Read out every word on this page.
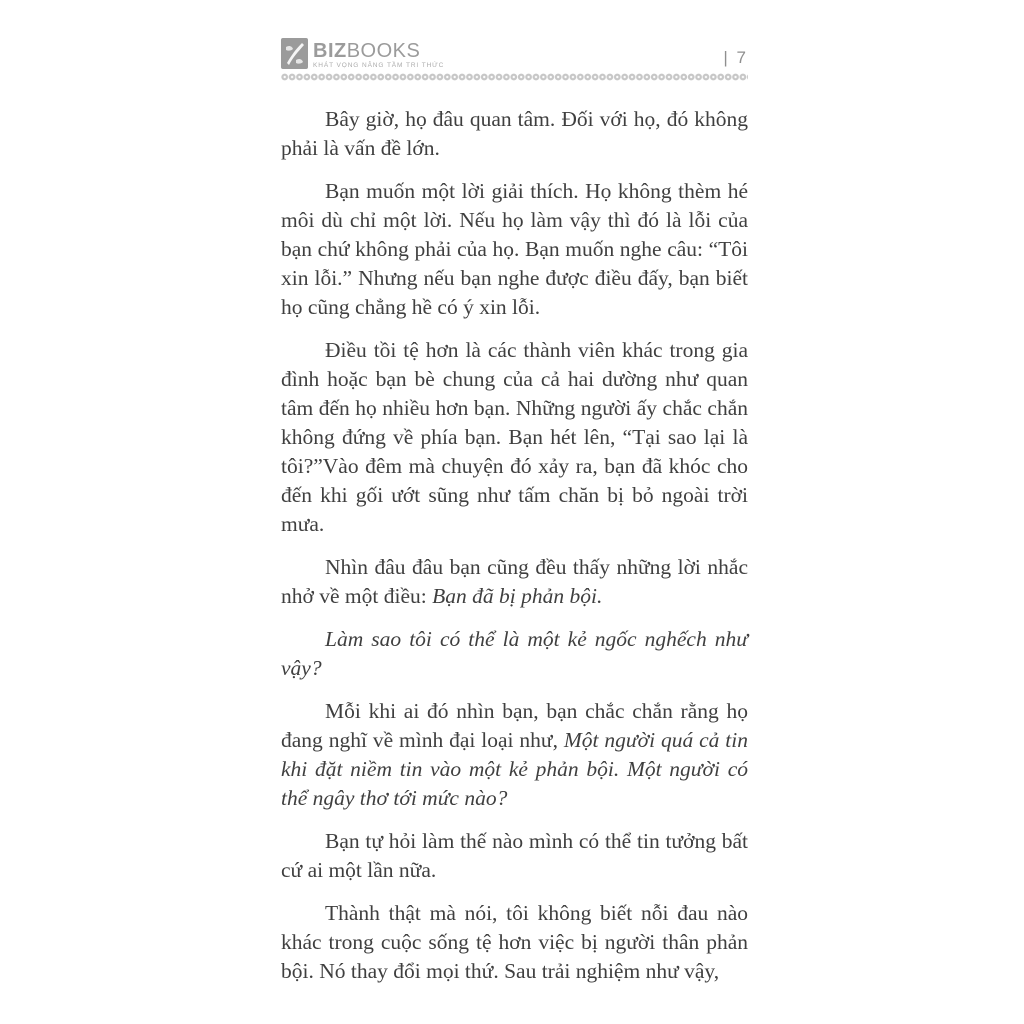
BIZBOOKS
KHÁT VỌNG NÂNG TẦM TRI THỨC	| 7

Bây giờ, họ đâu quan tâm. Đối với họ, đó không phải là vấn đề lớn.

Bạn muốn một lời giải thích. Họ không thèm hé môi dù chỉ một lời. Nếu họ làm vậy thì đó là lỗi của bạn chứ không phải của họ. Bạn muốn nghe câu: “Tôi xin lỗi.” Nhưng nếu bạn nghe được điều đấy, bạn biết họ cũng chẳng hề có ý xin lỗi.

Điều tồi tệ hơn là các thành viên khác trong gia đình hoặc bạn bè chung của cả hai dường như quan tâm đến họ nhiều hơn bạn. Những người ấy chắc chắn không đứng về phía bạn. Bạn hét lên, “Tại sao lại là tôi?”Vào đêm mà chuyện đó xảy ra, bạn đã khóc cho đến khi gối ướt sũng như tấm chăn bị bỏ ngoài trời mưa.

Nhìn đâu đâu bạn cũng đều thấy những lời nhắc nhở về một điều: Bạn đã bị phản bội.

Làm sao tôi có thể là một kẻ ngốc nghếch như vậy?

Mỗi khi ai đó nhìn bạn, bạn chắc chắn rằng họ đang nghĩ về mình đại loại như, Một người quá cả tin khi đặt niềm tin vào một kẻ phản bội. Một người có thể ngây thơ tới mức nào?

Bạn tự hỏi làm thế nào mình có thể tin tưởng bất cứ ai một lần nữa.

Thành thật mà nói, tôi không biết nỗi đau nào khác trong cuộc sống tệ hơn việc bị người thân phản bội. Nó thay đổi mọi thứ. Sau trải nghiệm như vậy,
